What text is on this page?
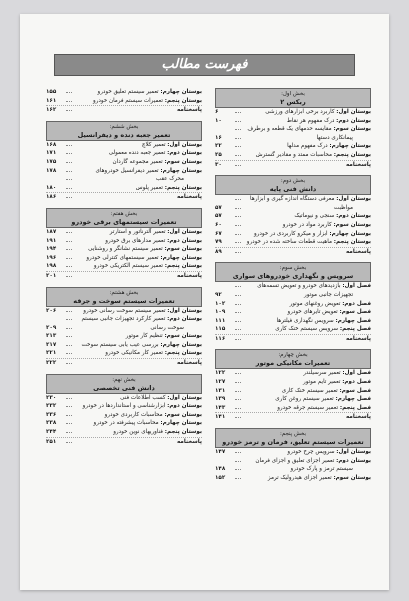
فهرست مطالب
بخش اول:
ربکس ۲
بوستان اول: کاربرد برخی ابزارهای ورزشی
۶
بوستان دوم: درک مفهوم هر نقاط
۱۰
بوستان سوم: مقایسه حدمهای یک قطعه و برطرف
پیمانکاری دستها
۱۶
بوستان چهارم: درک مفهوم مدلها
۲۲
بوستان پنجم: محاسبات ممتد و مقادیر گسترش
۲۵
پاسخنامه
۳۰
بخش دوم:
دانش فنی پایه
بوستان اول: معرفی دستگاه اندازه گیری و ابزارها
مواظبت
۵۷
بوستان دوم: سنجی و نیوماتیک
۵۷
بوستان سوم: کاربرد مواد در خودرو
۶۰
بوستان چهارم: ابزار و میکرو کاربردی در خودرو
۶۷
بوستان پنجم: ماهیت قطعات ساخته شده در خودرو
۷۹
پاسخنامه
۸۹
بخش سوم:
سرویس و نگهداری خودروهای سواری
فصل اول: بازدیدهای خودرو و تعویض تسمه‌های
تجهیزات جانبی موتور
۹۲
فصل دوم: تعویض روغنهای موتور
۱۰۲
فصل سوم: تعویض تایرهای خودرو
۱۰۹
فصل چهارم: سرویس نگهداری فیلترها
۱۱۱
فصل پنجم: سرویس سیستم خنک کاری
۱۱۵
پاسخنامه
۱۱۶
بخش چهارم:
تعمیرات مکانیکی موتور
فصل اول: تعمیر سرسیلندر
۱۲۲
فصل دوم: تعمیر تایم موتور
۱۲۷
فصل سوم: تعمیر سیستم خنک کاری
۱۳۱
فصل چهارم: تعمیر سیستم روغن کاری
۱۳۹
فصل پنجم: تعمیر سیستم جرقه خودرو
۱۴۳
پاسخنامه
۱۴۱
بخش پنجم:
تعمیرات سیستم تعلیق، فرمان و ترمز خودرو
بوستان اول: سرویس چرخ خودرو
۱۴۷
بوستان دوم: تعمیر اجزای تعلیق و اجزای فرمان
سیستم ترمز و پارک خودرو
۱۴۸
بوستان سوم: تعمیر اجزای هیدرولیک ترمز
۱۵۲
بوستان چهارم: تعمیر سیستم تعلیق خودرو
۱۵۵
بوستان پنجم: تعمیرات سیستم فرمان خودرو
۱۶۱
پاسخنامه
۱۶۲
بخش ششم:
تعمیر جعبه دنده و دیفرانسیل
بوستان اول: تعمیر کلاچ
۱۶۸
بوستان دوم: تعمیر جعبه دنده معمولی
۱۷۱
بوستان سوم: تعمیر مجموعه گاردان
۱۷۵
بوستان چهارم: تعمیر دیفرانسیل خودروهای
۱۷۸
محرک عقب
بوستان پنجم: تعمیر پلوس
۱۸۰
پاسخنامه
۱۸۶
بخش هفتم:
تعمیرات سیستمهای برقی خودرو
بوستان اول: تعمیر آلترناتور و استارتر
۱۸۷
بوستان دوم: تعمیر مدارهای برق خودرو
۱۹۱
بوستان سوم: تعمیر سیستم نشانگر و روشنایی
۱۹۴
بوستان چهارم: تعمیر سیستمهای کنترلی خودرو
۱۹۶
بوستان پنجم: تعمیر سیستم الکتریکی خودرو
۱۹۸
پاسخنامه
۲۰۱
بخش هشتم:
تعمیرات سیستم سوخت و جرقه
بوستان اول: تعمیر سیستم سوخت رسانی خودرو
۲۰۶
بوستان دوم: تعمیر کارکرد تجهیزات جانبی سیستم
سوخت رسانی
۲۰۹
بوستان سوم: تنظیم کار موتور
۲۱۳
بوستان چهارم: بررسی عیب یابی سیستم سوخت
۲۱۷
بوستان پنجم: تعمیر کار مکانیکی خودرو
۲۲۱
پاسخنامه
۲۲۲
بخش نهم:
دانش فنی تخصصی
بوستان اول: کسب اطلاعات فنی
۲۳۰
بوستان دوم: ابزارشناسی و استانداردها در خودرو
۲۳۲
بوستان سوم: محاسبات کاربردی خودرو
۲۳۶
بوستان چهارم: محاسبات پیشرفته در خودرو
۲۳۸
بوستان پنجم: فناوریهای نوین خودرو
۲۴۴
پاسخنامه
۲۵۱
